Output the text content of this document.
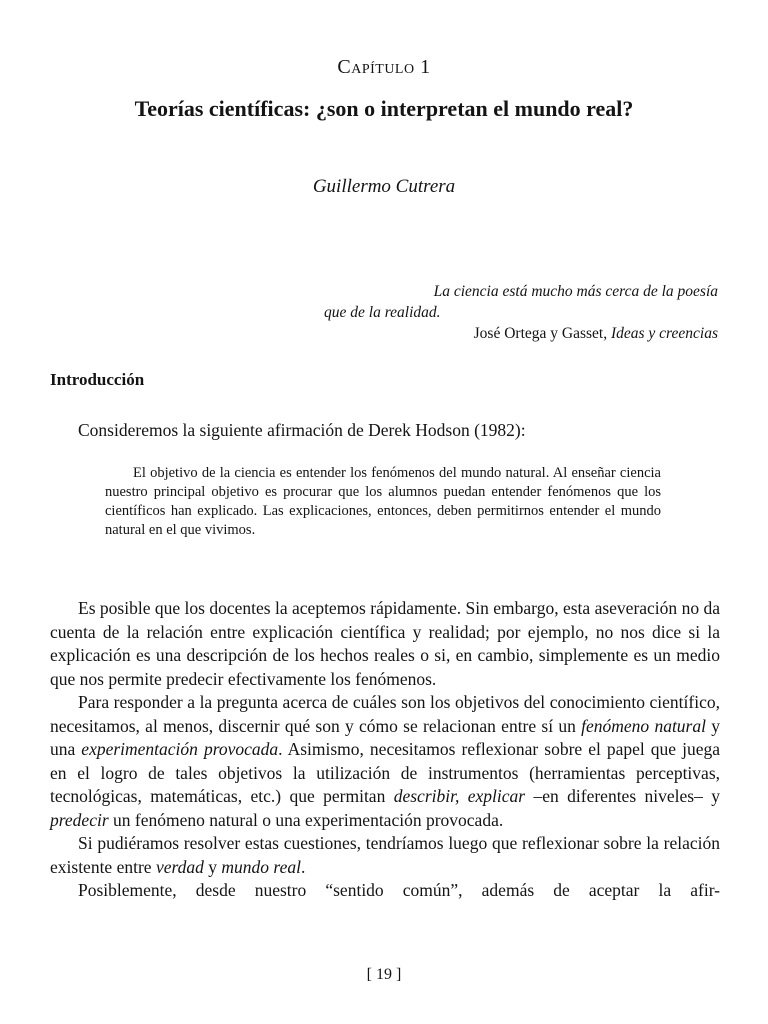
Capítulo 1
Teorías científicas: ¿son o interpretan el mundo real?
Guillermo Cutrera
La ciencia está mucho más cerca de la poesía
que de la realidad.
José Ortega y Gasset, Ideas y creencias
Introducción
Consideremos la siguiente afirmación de Derek Hodson (1982):

El objetivo de la ciencia es entender los fenómenos del mundo natural. Al enseñar ciencia nuestro principal objetivo es procurar que los alumnos puedan entender fenómenos que los científicos han explicado. Las explicaciones, entonces, deben permitirnos entender el mundo natural en el que vivimos.

Es posible que los docentes la aceptemos rápidamente. Sin embargo, esta aseveración no da cuenta de la relación entre explicación científica y realidad; por ejemplo, no nos dice si la explicación es una descripción de los hechos reales o si, en cambio, simplemente es un medio que nos permite predecir efectivamente los fenómenos.

Para responder a la pregunta acerca de cuáles son los objetivos del conocimiento científico, necesitamos, al menos, discernir qué son y cómo se relacionan entre sí un fenómeno natural y una experimentación provocada. Asimismo, necesitamos reflexionar sobre el papel que juega en el logro de tales objetivos la utilización de instrumentos (herramientas perceptivas, tecnológicas, matemáticas, etc.) que permitan describir, explicar –en diferentes niveles– y predecir un fenómeno natural o una experimentación provocada.

Si pudiéramos resolver estas cuestiones, tendríamos luego que reflexionar sobre la relación existente entre verdad y mundo real.

Posiblemente, desde nuestro “sentido común”, además de aceptar la afir-

[ 19 ]
